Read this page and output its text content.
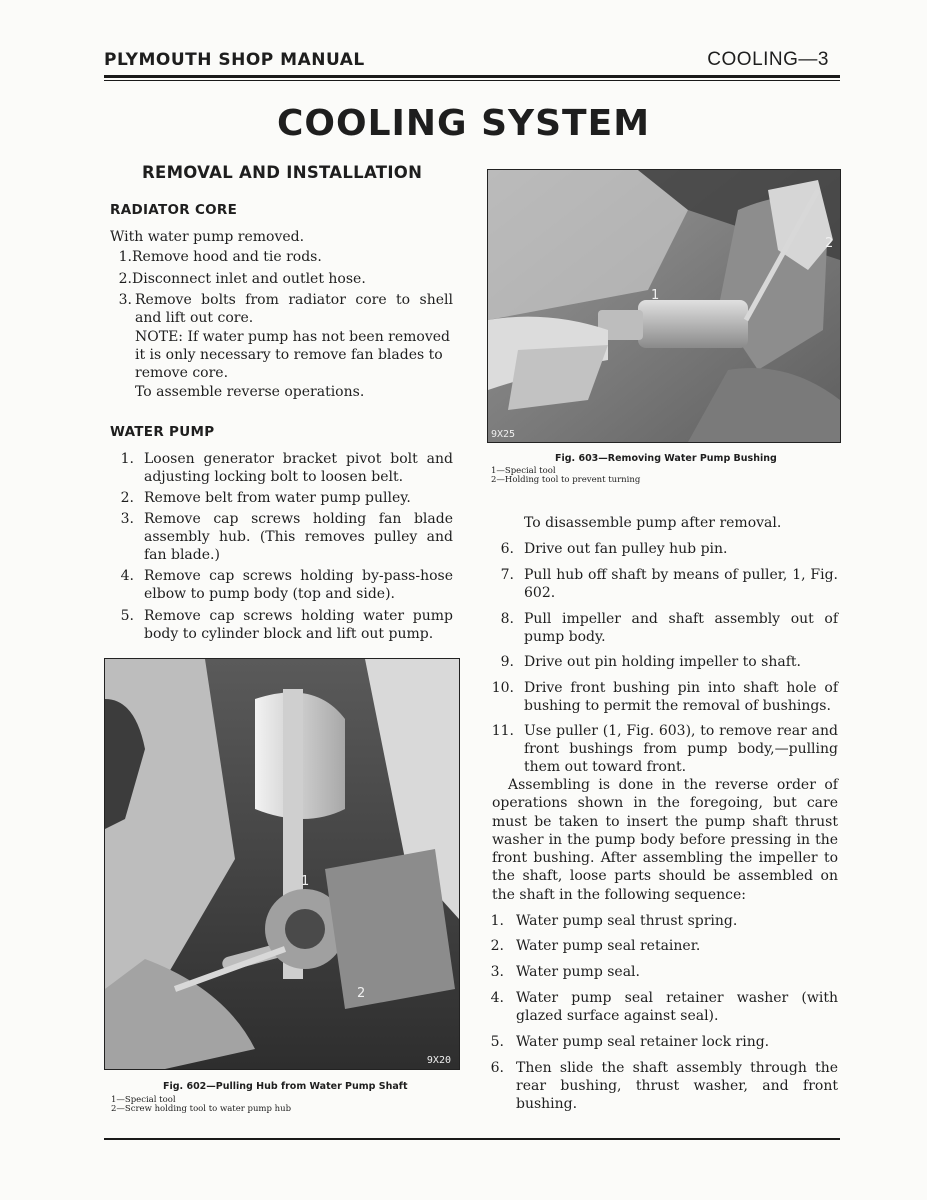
PLYMOUTH SHOP MANUAL	COOLING—3
COOLING SYSTEM
REMOVAL AND INSTALLATION
RADIATOR CORE
With water pump removed.
1. Remove hood and tie rods.
2. Disconnect inlet and outlet hose.
3. Remove bolts from radiator core to shell and lift out core.
NOTE: If water pump has not been removed
it is only necessary to remove fan blades to
remove core.
To assemble reverse operations.
WATER PUMP
1. Loosen generator bracket pivot bolt and adjusting locking bolt to loosen belt.
2. Remove belt from water pump pulley.
3. Remove cap screws holding fan blade assembly hub. (This removes pulley and fan blade.)
4. Remove cap screws holding by-pass-hose elbow to pump body (top and side).
5. Remove cap screws holding water pump body to cylinder block and lift out pump.
9X25
1
2
Fig. 603—Removing Water Pump Bushing
1—Special tool
2—Holding tool to prevent turning
9X20
1
2
Fig. 602—Pulling Hub from Water Pump Shaft
1—Special tool
2—Screw holding tool to water pump hub
To disassemble pump after removal.
6. Drive out fan pulley hub pin.
7. Pull hub off shaft by means of puller, 1, Fig. 602.
8. Pull impeller and shaft assembly out of pump body.
9. Drive out pin holding impeller to shaft.
10. Drive front bushing pin into shaft hole of bushing to permit the removal of bushings.
11. Use puller (1, Fig. 603), to remove rear and front bushings from pump body,—pulling them out toward front.
Assembling is done in the reverse order of operations shown in the foregoing, but care must be taken to insert the pump shaft thrust washer in the pump body before pressing in the front bushing. After assembling the impeller to the shaft, loose parts should be assembled on the shaft in the following sequence:
1. Water pump seal thrust spring.
2. Water pump seal retainer.
3. Water pump seal.
4. Water pump seal retainer washer (with glazed surface against seal).
5. Water pump seal retainer lock ring.
6. Then slide the shaft assembly through the rear bushing, thrust washer, and front bushing.
